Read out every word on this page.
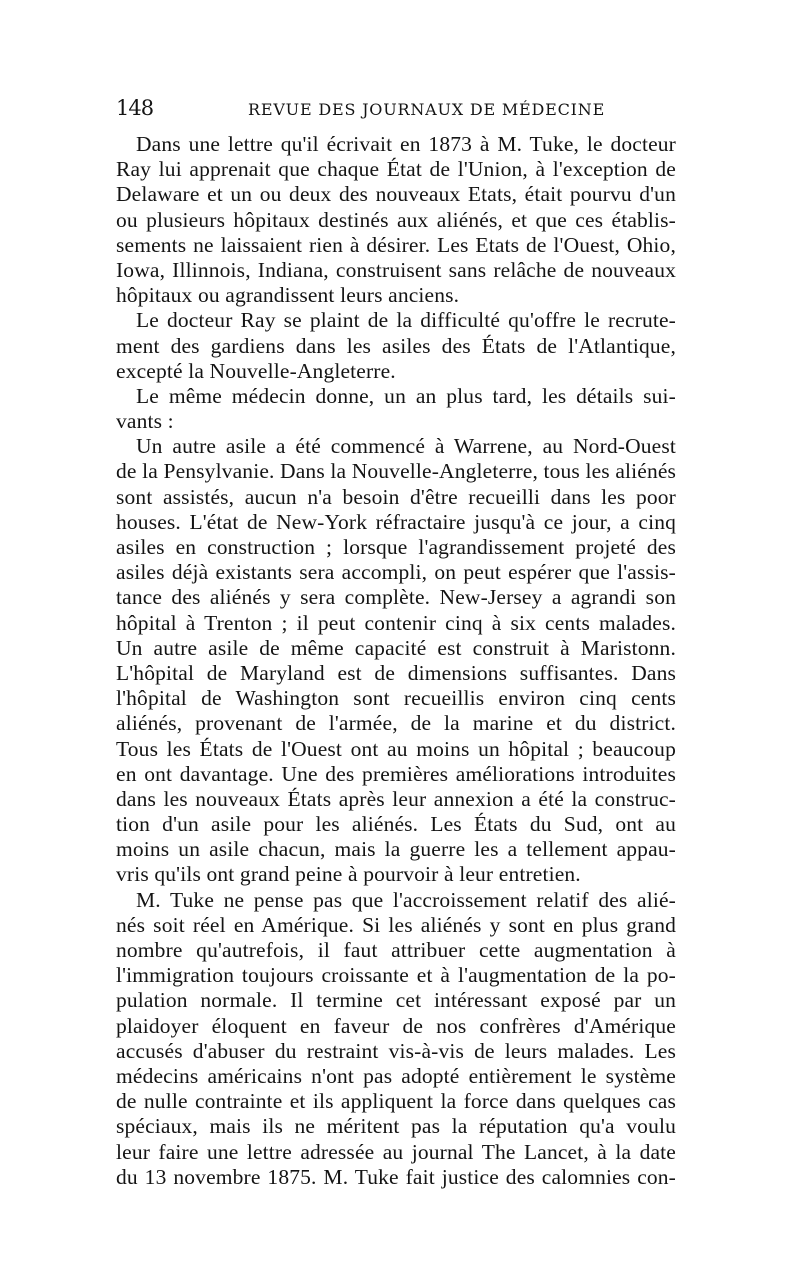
148	REVUE DES JOURNAUX DE MÉDECINE
Dans une lettre qu'il écrivait en 1873 à M. Tuke, le docteur
Ray lui apprenait que chaque État de l'Union, à l'exception de
Delaware et un ou deux des nouveaux Etats, était pourvu d'un
ou plusieurs hôpitaux destinés aux aliénés, et que ces établis-
sements ne laissaient rien à désirer. Les Etats de l'Ouest, Ohio,
Iowa, Illinnois, Indiana, construisent sans relâche de nouveaux
hôpitaux ou agrandissent leurs anciens.
Le docteur Ray se plaint de la difficulté qu'offre le recrute-
ment des gardiens dans les asiles des États de l'Atlantique,
excepté la Nouvelle-Angleterre.
Le même médecin donne, un an plus tard, les détails sui-
vants :
Un autre asile a été commencé à Warrene, au Nord-Ouest
de la Pensylvanie. Dans la Nouvelle-Angleterre, tous les aliénés
sont assistés, aucun n'a besoin d'être recueilli dans les poor
houses. L'état de New-York réfractaire jusqu'à ce jour, a cinq
asiles en construction ; lorsque l'agrandissement projeté des
asiles déjà existants sera accompli, on peut espérer que l'assis-
tance des aliénés y sera complète. New-Jersey a agrandi son
hôpital à Trenton ; il peut contenir cinq à six cents malades.
Un autre asile de même capacité est construit à Maristonn.
L'hôpital de Maryland est de dimensions suffisantes. Dans
l'hôpital de Washington sont recueillis environ cinq cents
aliénés, provenant de l'armée, de la marine et du district.
Tous les États de l'Ouest ont au moins un hôpital ; beaucoup
en ont davantage. Une des premières améliorations introduites
dans les nouveaux États après leur annexion a été la construc-
tion d'un asile pour les aliénés. Les États du Sud, ont au
moins un asile chacun, mais la guerre les a tellement appau-
vris qu'ils ont grand peine à pourvoir à leur entretien.
M. Tuke ne pense pas que l'accroissement relatif des alié-
nés soit réel en Amérique. Si les aliénés y sont en plus grand
nombre qu'autrefois, il faut attribuer cette augmentation à
l'immigration toujours croissante et à l'augmentation de la po-
pulation normale. Il termine cet intéressant exposé par un
plaidoyer éloquent en faveur de nos confrères d'Amérique
accusés d'abuser du restraint vis-à-vis de leurs malades. Les
médecins américains n'ont pas adopté entièrement le système
de nulle contrainte et ils appliquent la force dans quelques cas
spéciaux, mais ils ne méritent pas la réputation qu'a voulu
leur faire une lettre adressée au journal The Lancet, à la date
du 13 novembre 1875. M. Tuke fait justice des calomnies con-
